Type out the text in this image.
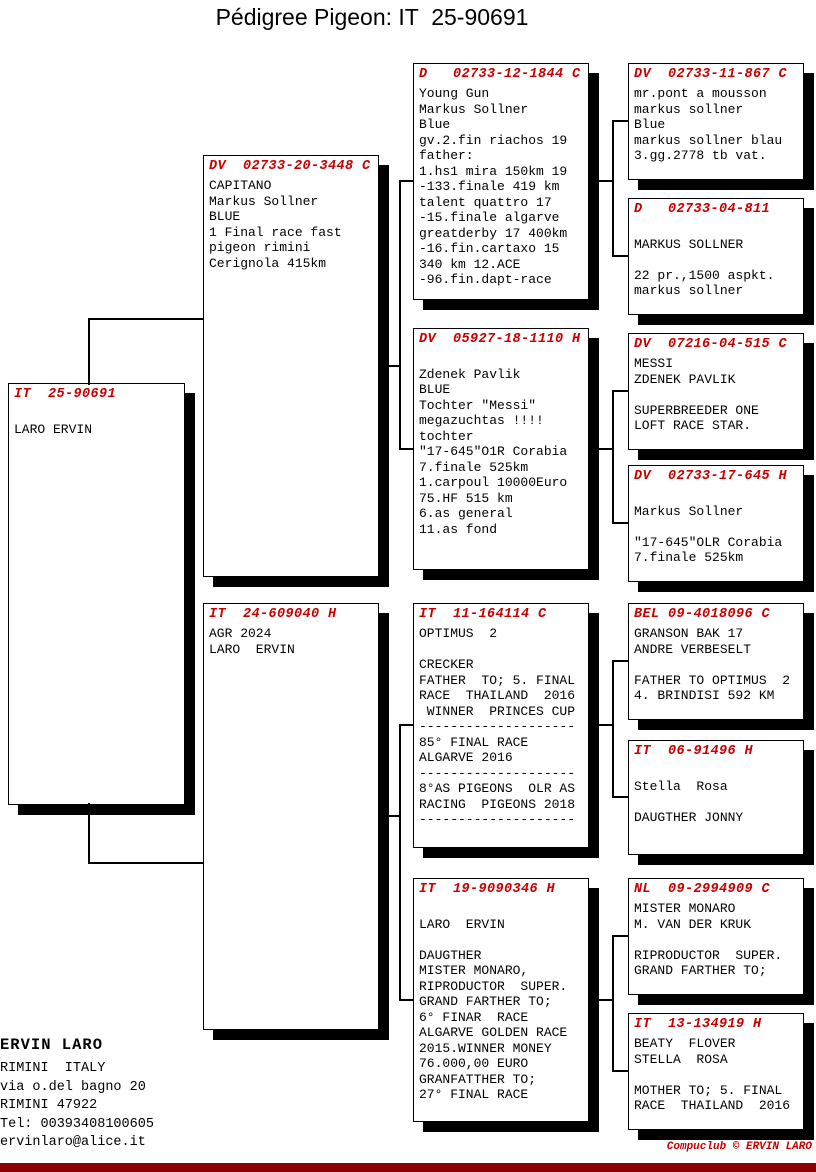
Pédigree Pigeon: IT  25-90691
IT  25-90691
LARO ERVIN
DV  02733-20-3448 C
CAPITANO
Markus Sollner
BLUE
1 Final race fast
pigeon rimini
Cerignola 415km
IT  24-609040 H
AGR 2024
LARO  ERVIN
D   02733-12-1844 C
Young Gun
Markus Sollner
Blue
gv.2.fin riachos 19
father:
1.hs1 mira 150km 19
-133.finale 419 km
talent quattro 17
-15.finale algarve
greatderby 17 400km
-16.fin.cartaxo 15
340 km 12.ACE
-96.fin.dapt-race
DV  05927-18-1110 H
Zdenek Pavlik
BLUE
Tochter "Messi"
megazuchtas !!!!
tochter
"17-645"O1R Corabia
7.finale 525km
1.carpoul 10000Euro
75.HF 515 km
6.as general
11.as fond
IT  11-164114 C
OPTIMUS  2
CRECKER
FATHER  TO; 5. FINAL
RACE  THAILAND  2016
WINNER  PRINCES CUP
--------------------
85° FINAL RACE
ALGARVE 2016
--------------------
8°AS PIGEONS  OLR AS
RACING  PIGEONS 2018
--------------------
IT  19-9090346 H
LARO  ERVIN
DAUGTHER
MISTER MONARO,
RIPRODUCTOR  SUPER.
GRAND FARTHER TO;
6° FINAR  RACE
ALGARVE GOLDEN RACE
2015.WINNER MONEY
76.000,00 EURO
GRANFATTHER TO;
27° FINAL RACE
DV  02733-11-867 C
mr.pont a mousson
markus sollner
Blue
markus sollner blau
3.gg.2778 tb vat.
D   02733-04-811
MARKUS SOLLNER
22 pr.,1500 aspkt.
markus sollner
DV  07216-04-515 C
MESSI
ZDENEK PAVLIK
SUPERBREEDER ONE
LOFT RACE STAR.
DV  02733-17-645 H
Markus Sollner
"17-645"OLR Corabia
7.finale 525km
BEL 09-4018096 C
GRANSON BAK 17
ANDRE VERBESELT
FATHER TO OPTIMUS  2
4. BRINDISI 592 KM
IT  06-91496 H
Stella  Rosa
DAUGTHER JONNY
NL  09-2994909 C
MISTER MONARO
M. VAN DER KRUK
RIPRODUCTOR  SUPER.
GRAND FARTHER TO;
IT  13-134919 H
BEATY  FLOVER
STELLA  ROSA
MOTHER TO; 5. FINAL
RACE  THAILAND  2016
ERVIN LARO
RIMINI  ITALY
via o.del bagno 20
RIMINI 47922
Tel: 00393408100605
ervinlaro@alice.it	Compuclub © ERVIN LARO
